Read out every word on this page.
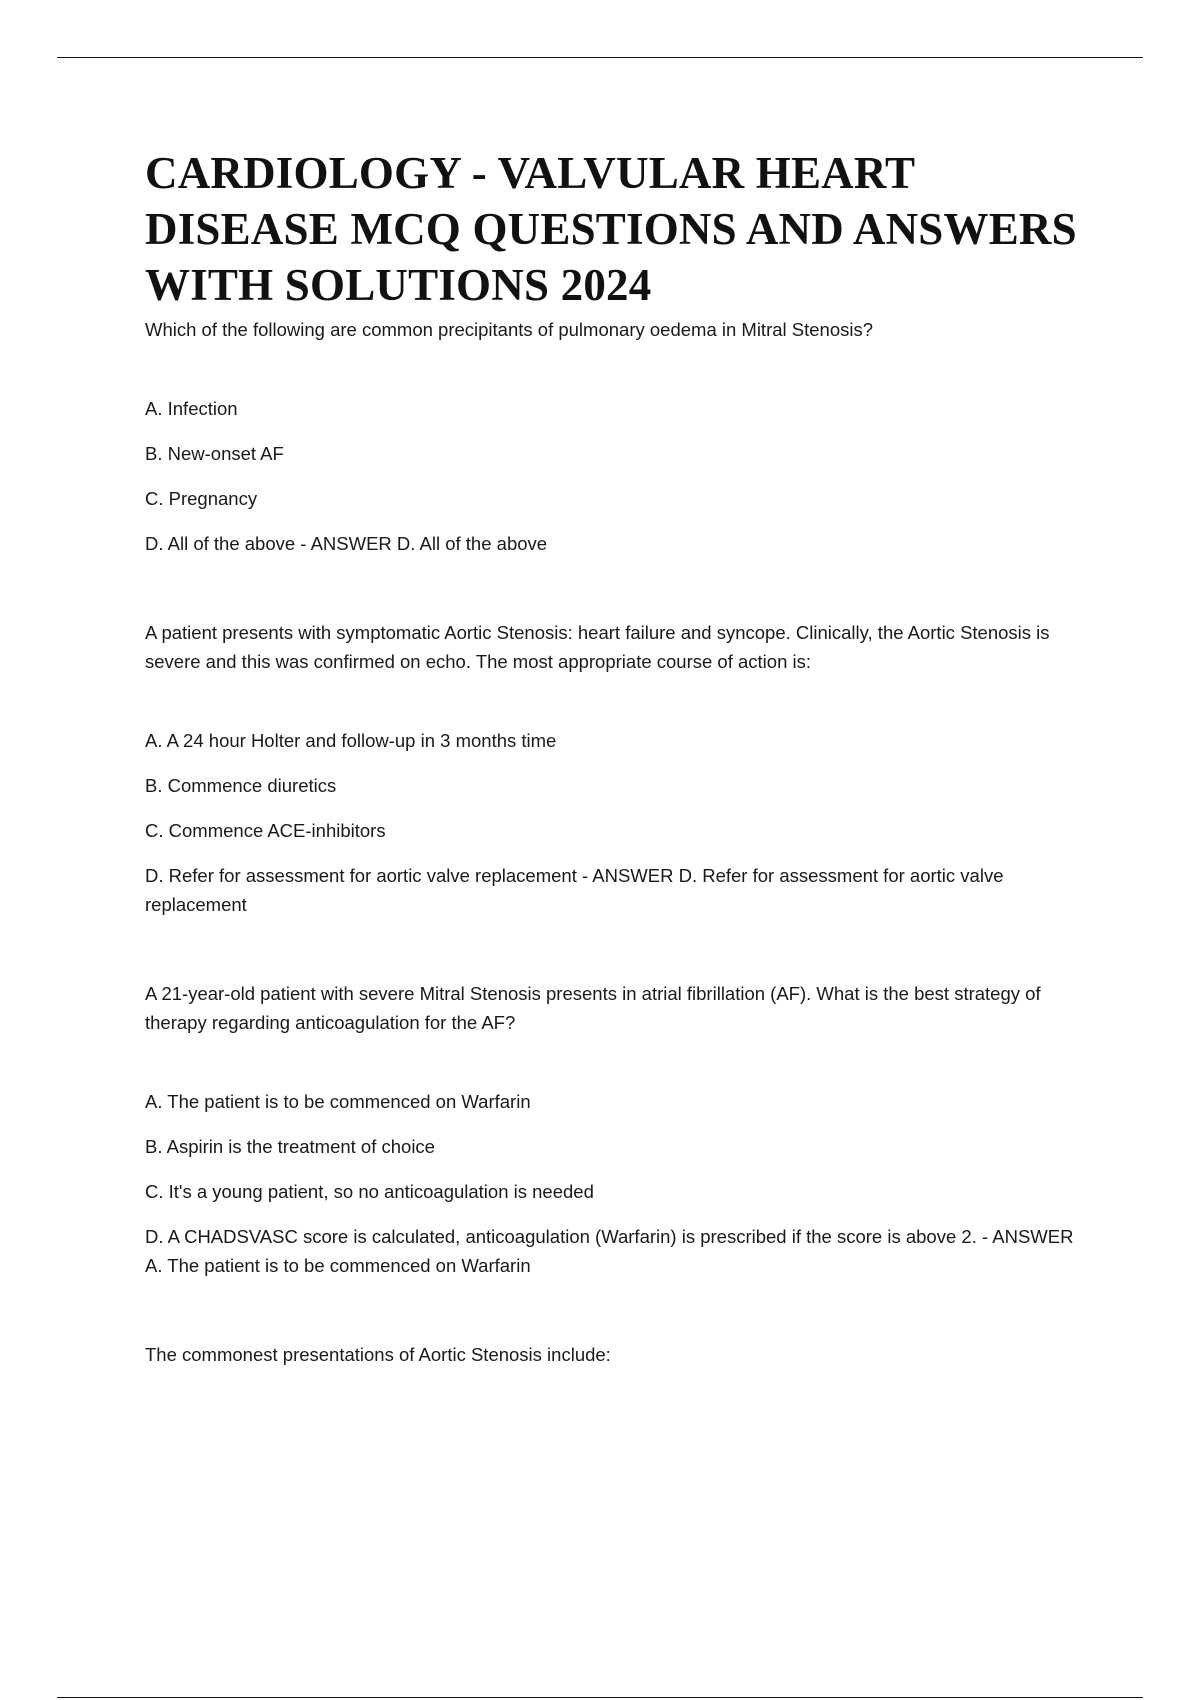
CARDIOLOGY - VALVULAR HEART DISEASE MCQ QUESTIONS AND ANSWERS WITH SOLUTIONS 2024

Which of the following are common precipitants of pulmonary oedema in Mitral Stenosis?

A. Infection

B. New-onset AF

C. Pregnancy

D. All of the above - ANSWER D. All of the above

A patient presents with symptomatic Aortic Stenosis: heart failure and syncope. Clinically, the Aortic Stenosis is severe and this was confirmed on echo. The most appropriate course of action is:

A. A 24 hour Holter and follow-up in 3 months time

B. Commence diuretics

C. Commence ACE-inhibitors

D. Refer for assessment for aortic valve replacement - ANSWER D. Refer for assessment for aortic valve replacement

A 21-year-old patient with severe Mitral Stenosis presents in atrial fibrillation (AF). What is the best strategy of therapy regarding anticoagulation for the AF?

A. The patient is to be commenced on Warfarin

B. Aspirin is the treatment of choice

C. It's a young patient, so no anticoagulation is needed

D. A CHADSVASC score is calculated, anticoagulation (Warfarin) is prescribed if the score is above 2. - ANSWER A. The patient is to be commenced on Warfarin

The commonest presentations of Aortic Stenosis include:
